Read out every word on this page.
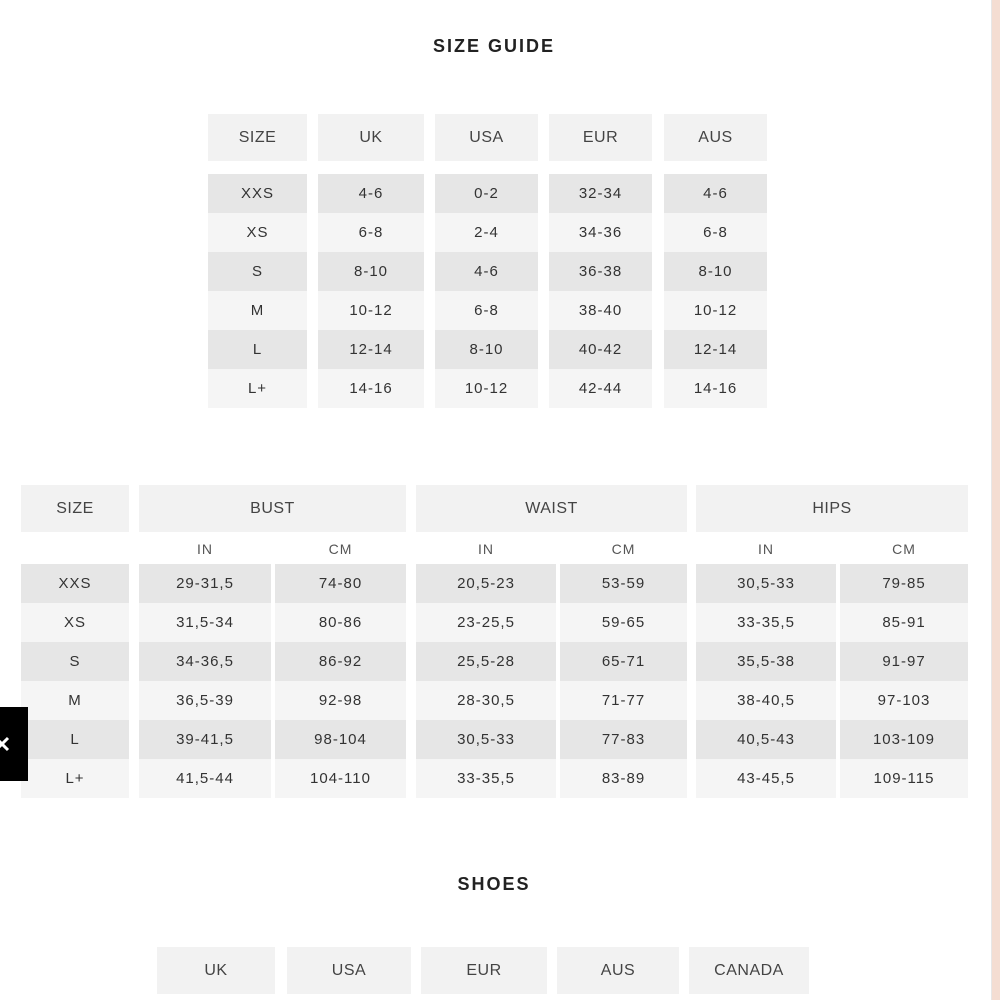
SIZE GUIDE
SHOES
SIZE	UK	USA	EUR	AUS
XXS	4-6	0-2	32-34	4-6
XS	6-8	2-4	34-36	6-8
S	8-10	4-6	36-38	8-10
M	10-12	6-8	38-40	10-12
L	12-14	8-10	40-42	12-14
L+	14-16	10-12	42-44	14-16
SIZE	BUST	WAIST	HIPS
IN	CM	IN	CM	IN	CM
XXS	29-31,5	74-80	20,5-23	53-59	30,5-33	79-85
XS	31,5-34	80-86	23-25,5	59-65	33-35,5	85-91
S	34-36,5	86-92	25,5-28	65-71	35,5-38	91-97
M	36,5-39	92-98	28-30,5	71-77	38-40,5	97-103
L	39-41,5	98-104	30,5-33	77-83	40,5-43	103-109
L+	41,5-44	104-110	33-35,5	83-89	43-45,5	109-115
UK	USA	EUR	AUS	CANADA
